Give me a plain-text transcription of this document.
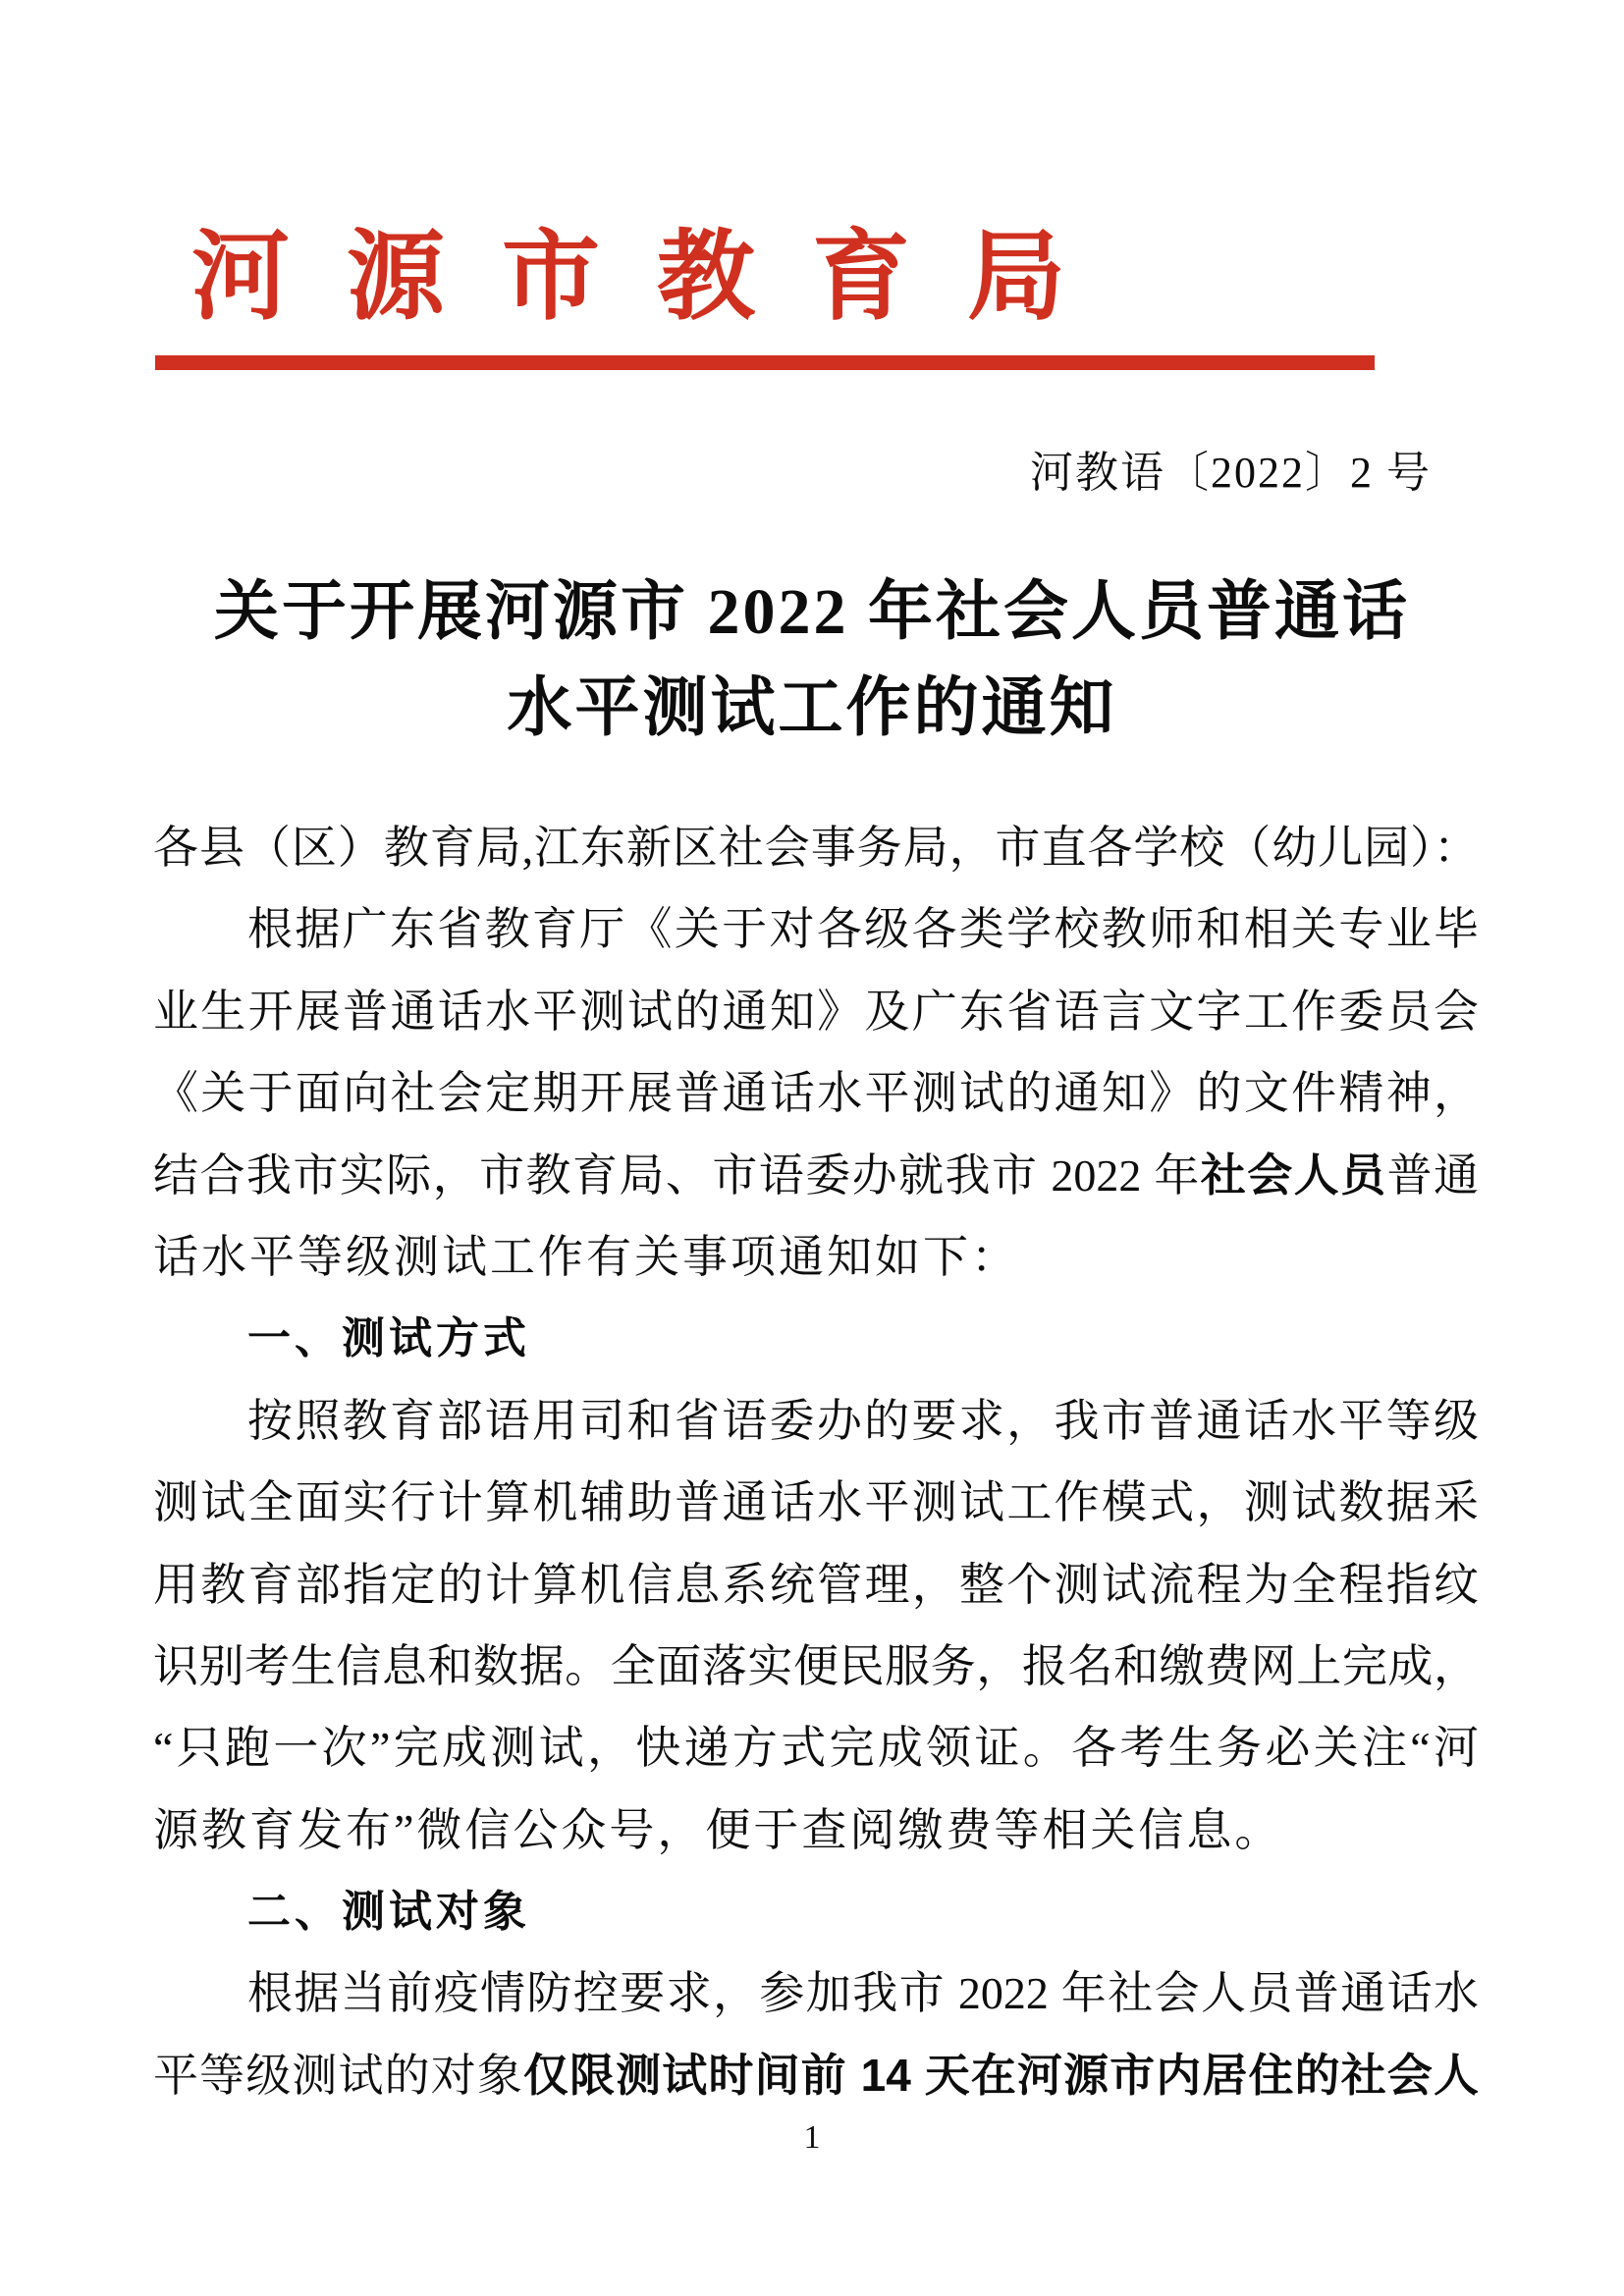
河源市教育局
河教语〔2022〕2 号
关于开展河源市 2022 年社会人员普通话
水平测试工作的通知
各县（区）教育局,江东新区社会事务局，市直各学校（幼儿园）：
根据广东省教育厅《关于对各级各类学校教师和相关专业毕
业生开展普通话水平测试的通知》及广东省语言文字工作委员会
《关于面向社会定期开展普通话水平测试的通知》的文件精神，
结合我市实际，市教育局、市语委办就我市 2022 年社会人员普通
话水平等级测试工作有关事项通知如下：
一、测试方式
按照教育部语用司和省语委办的要求，我市普通话水平等级
测试全面实行计算机辅助普通话水平测试工作模式，测试数据采
用教育部指定的计算机信息系统管理，整个测试流程为全程指纹
识别考生信息和数据。全面落实便民服务，报名和缴费网上完成，
“只跑一次”完成测试，快递方式完成领证。各考生务必关注“河
源教育发布”微信公众号，便于查阅缴费等相关信息。
二、测试对象
根据当前疫情防控要求，参加我市 2022 年社会人员普通话水
平等级测试的对象仅限测试时间前 14 天在河源市内居住的社会人
1
